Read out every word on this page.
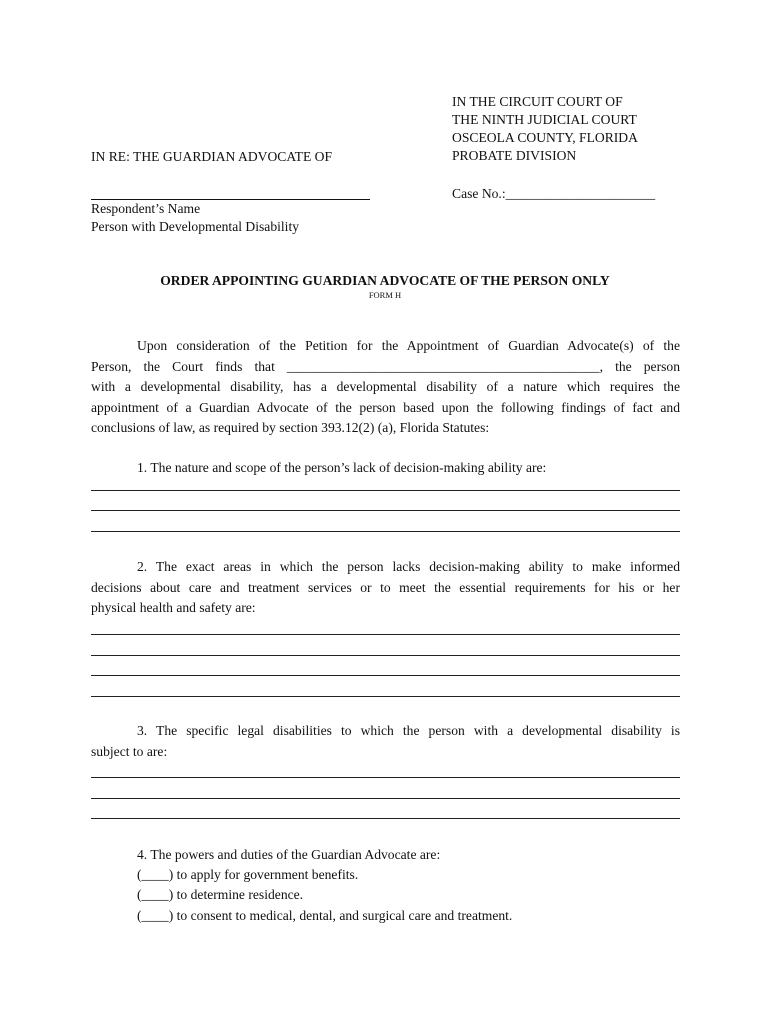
IN THE CIRCUIT COURT OF
THE NINTH JUDICIAL COURT
OSCEOLA COUNTY, FLORIDA
PROBATE DIVISION
IN RE: THE GUARDIAN ADVOCATE OF
Case No.:______________________
Respondent’s Name
Person with Developmental Disability
ORDER APPOINTING GUARDIAN ADVOCATE OF THE PERSON ONLY
FORM H
Upon consideration of the Petition for the Appointment of Guardian Advocate(s) of the
Person, the Court finds that ______________________________________________, the person
with a developmental disability, has a developmental disability of a nature which requires the
appointment of a Guardian Advocate of the person based upon the following findings of fact and
conclusions of law, as required by section 393.12(2) (a), Florida Statutes:
1. The nature and scope of the person’s lack of decision-making ability are:
2. The exact areas in which the person lacks decision-making ability to make informed
decisions about care and treatment services or to meet the essential requirements for his or her
physical health and safety are:
3. The specific legal disabilities to which the person with a developmental disability is
subject to are:
4. The powers and duties of the Guardian Advocate are:
(____) to apply for government benefits.
(____) to determine residence.
(____) to consent to medical, dental, and surgical care and treatment.
